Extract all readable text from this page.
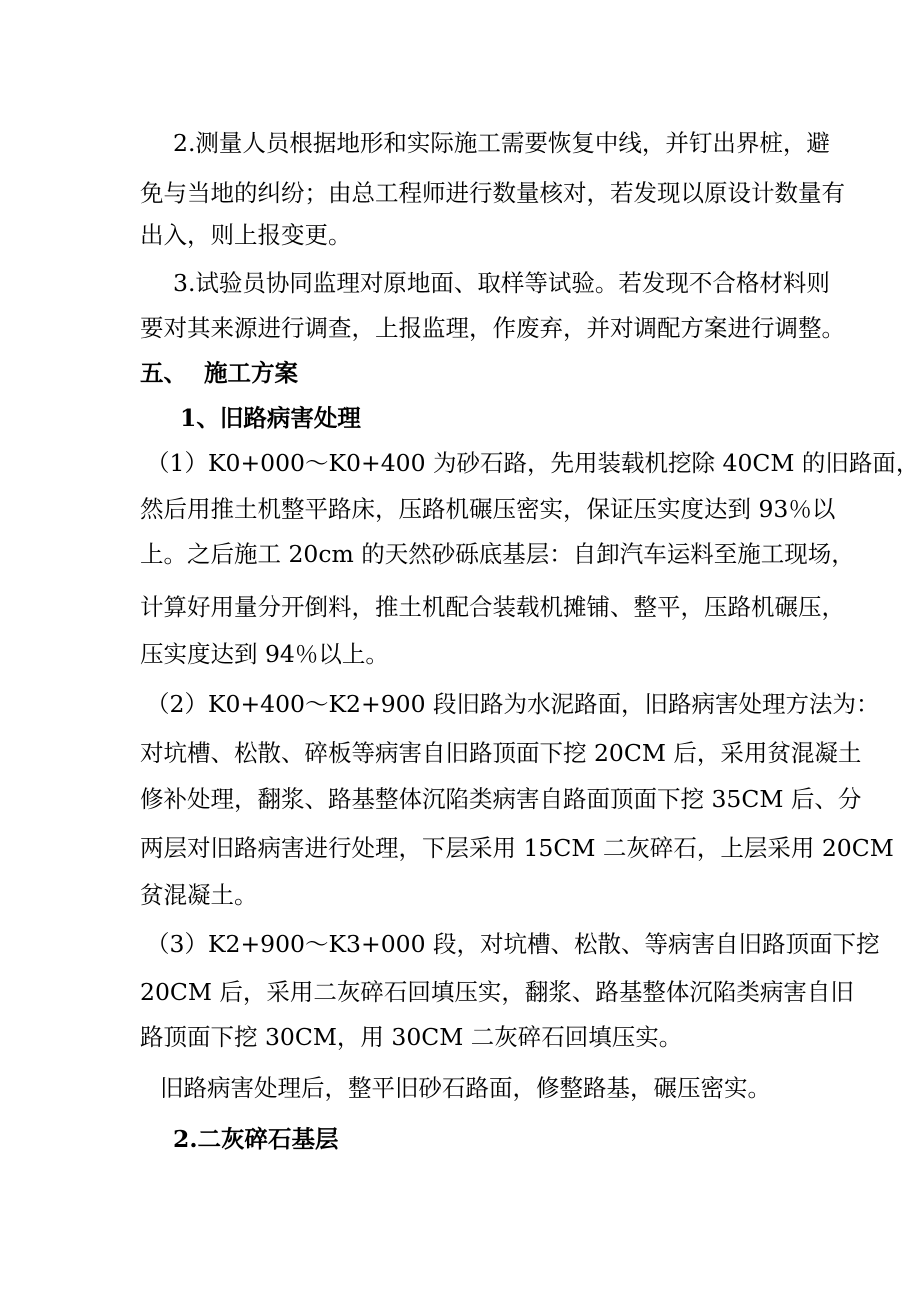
2.测量人员根据地形和实际施工需要恢复中线，并钉出界桩，避
免与当地的纠纷；由总工程师进行数量核对，若发现以原设计数量有
出入，则上报变更。
3.试验员协同监理对原地面、取样等试验。若发现不合格材料则
要对其来源进行调查，上报监理，作废弃，并对调配方案进行调整。
五、 施工方案
1、旧路病害处理
（1）K0+000～K0+400 为砂石路，先用装载机挖除 40CM 的旧路面，
然后用推土机整平路床，压路机碾压密实，保证压实度达到 93％以
上。之后施工 20cm 的天然砂砾底基层：自卸汽车运料至施工现场，
计算好用量分开倒料，推土机配合装载机摊铺、整平，压路机碾压，
压实度达到 94％以上。
（2）K0+400～K2+900 段旧路为水泥路面，旧路病害处理方法为：
对坑槽、松散、碎板等病害自旧路顶面下挖 20CM 后，采用贫混凝土
修补处理，翻浆、路基整体沉陷类病害自路面顶面下挖 35CM 后、分
两层对旧路病害进行处理，下层采用 15CM 二灰碎石，上层采用 20CM
贫混凝土。
（3）K2+900～K3+000 段，对坑槽、松散、等病害自旧路顶面下挖
20CM 后，采用二灰碎石回填压实，翻浆、路基整体沉陷类病害自旧
路顶面下挖 30CM，用 30CM 二灰碎石回填压实。
旧路病害处理后，整平旧砂石路面，修整路基，碾压密实。
2.二灰碎石基层
